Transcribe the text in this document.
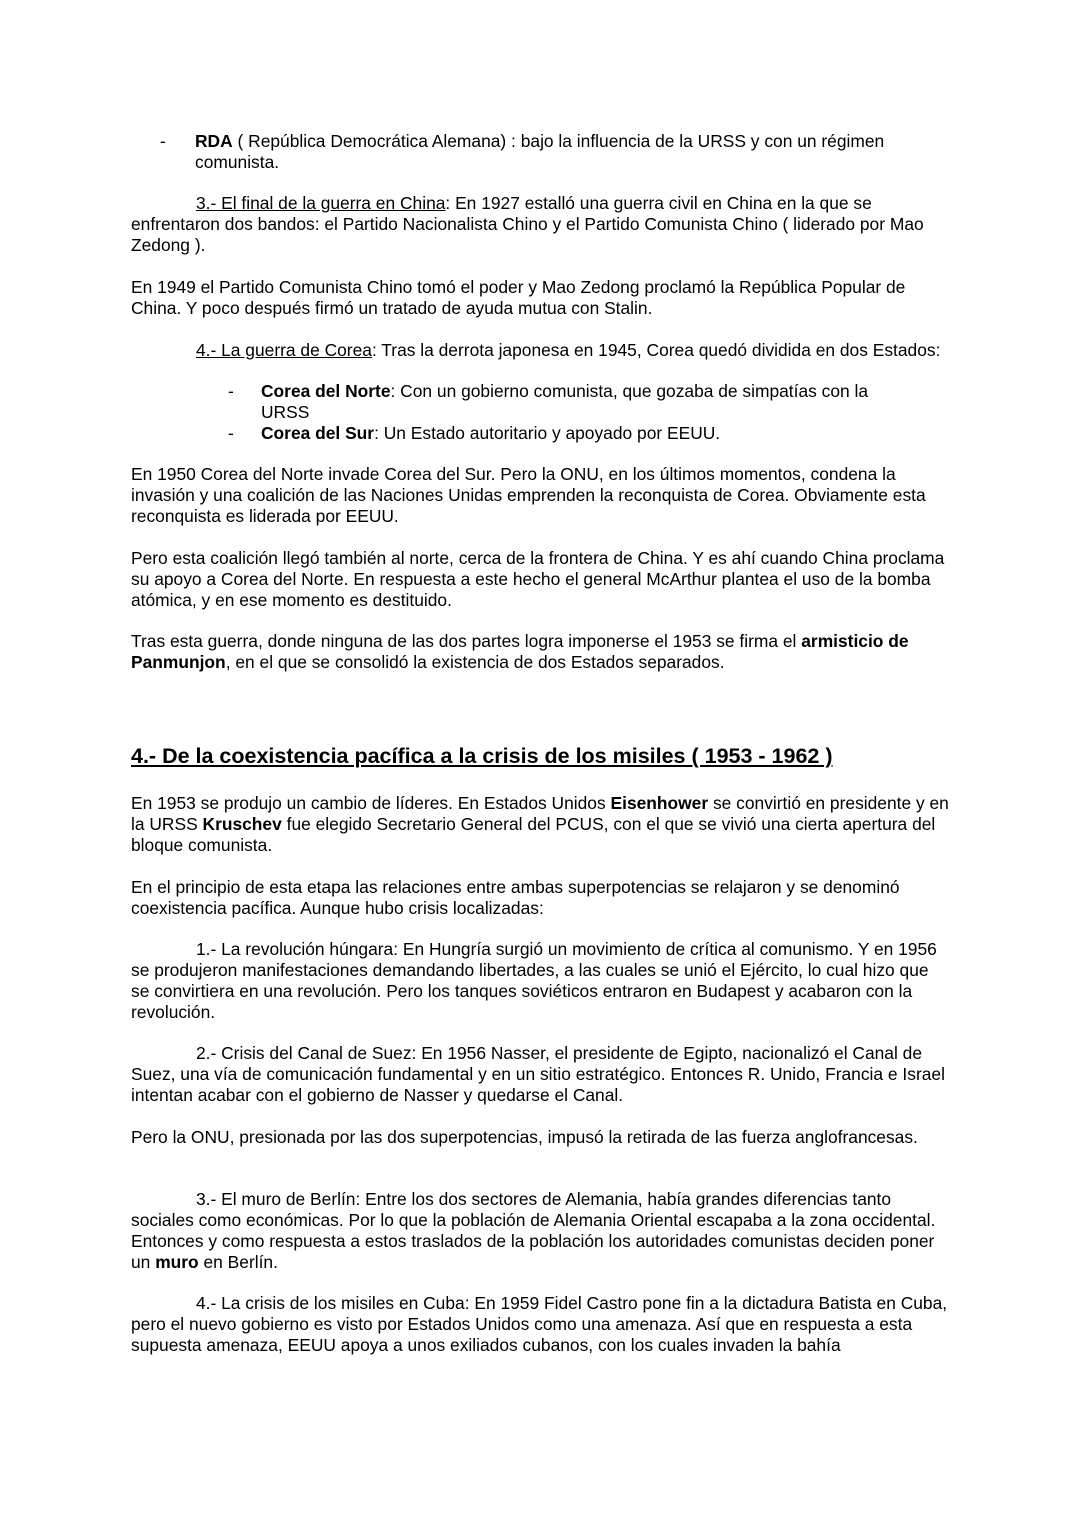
- RDA ( República Democrática Alemana) : bajo la influencia de la URSS y con un régimen comunista.

3.- El final de la guerra en China: En 1927 estalló una guerra civil en China en la que se enfrentaron dos bandos: el Partido Nacionalista Chino y el Partido Comunista Chino ( liderado por Mao Zedong ).

En 1949 el Partido Comunista Chino tomó el poder y Mao Zedong proclamó la República Popular de China. Y poco después firmó un tratado de ayuda mutua con Stalin.

4.- La guerra de Corea: Tras la derrota japonesa en 1945, Corea quedó dividida en dos Estados:

- Corea del Norte: Con un gobierno comunista, que gozaba de simpatías con la URSS

- Corea del Sur: Un Estado autoritario y apoyado por EEUU.

En 1950 Corea del Norte invade Corea del Sur. Pero la ONU, en los últimos momentos, condena la invasión y una coalición de las Naciones Unidas emprenden la reconquista de Corea. Obviamente esta reconquista es liderada por EEUU.

Pero esta coalición llegó también al norte, cerca de la frontera de China. Y es ahí cuando China proclama su apoyo a Corea del Norte. En respuesta a este hecho el general McArthur plantea el uso de la bomba atómica, y en ese momento es destituido.

Tras esta guerra, donde ninguna de las dos partes logra imponerse el 1953 se firma el armisticio de Panmunjon, en el que se consolidó la existencia de dos Estados separados.

4.- De la coexistencia pacífica a la crisis de los misiles ( 1953 - 1962 )

En 1953 se produjo un cambio de líderes. En Estados Unidos Eisenhower se convirtió en presidente y en la URSS Kruschev fue elegido Secretario General del PCUS, con el que se vivió una cierta apertura del bloque comunista.

En el principio de esta etapa las relaciones entre ambas superpotencias se relajaron y se denominó coexistencia pacífica. Aunque hubo crisis localizadas:

1.- La revolución húngara: En Hungría surgió un movimiento de crítica al comunismo. Y en 1956 se produjeron manifestaciones demandando libertades, a las cuales se unió el Ejército, lo cual hizo que se convirtiera en una revolución. Pero los tanques soviéticos entraron en Budapest y acabaron con la revolución.

2.- Crisis del Canal de Suez: En 1956 Nasser, el presidente de Egipto, nacionalizó el Canal de Suez, una vía de comunicación fundamental y en un sitio estratégico. Entonces R. Unido, Francia e Israel intentan acabar con el gobierno de Nasser y quedarse el Canal.

Pero la ONU, presionada por las dos superpotencias, impusó la retirada de las fuerza anglofrancesas.

3.- El muro de Berlín: Entre los dos sectores de Alemania, había grandes diferencias tanto sociales como económicas. Por lo que la población de Alemania Oriental escapaba a la zona occidental. Entonces y como respuesta a estos traslados de la población los autoridades comunistas deciden poner un muro en Berlín.

4.- La crisis de los misiles en Cuba: En 1959 Fidel Castro pone fin a la dictadura Batista en Cuba, pero el nuevo gobierno es visto por Estados Unidos como una amenaza. Así que en respuesta a esta supuesta amenaza, EEUU apoya a unos exiliados cubanos, con los cuales invaden la bahía
